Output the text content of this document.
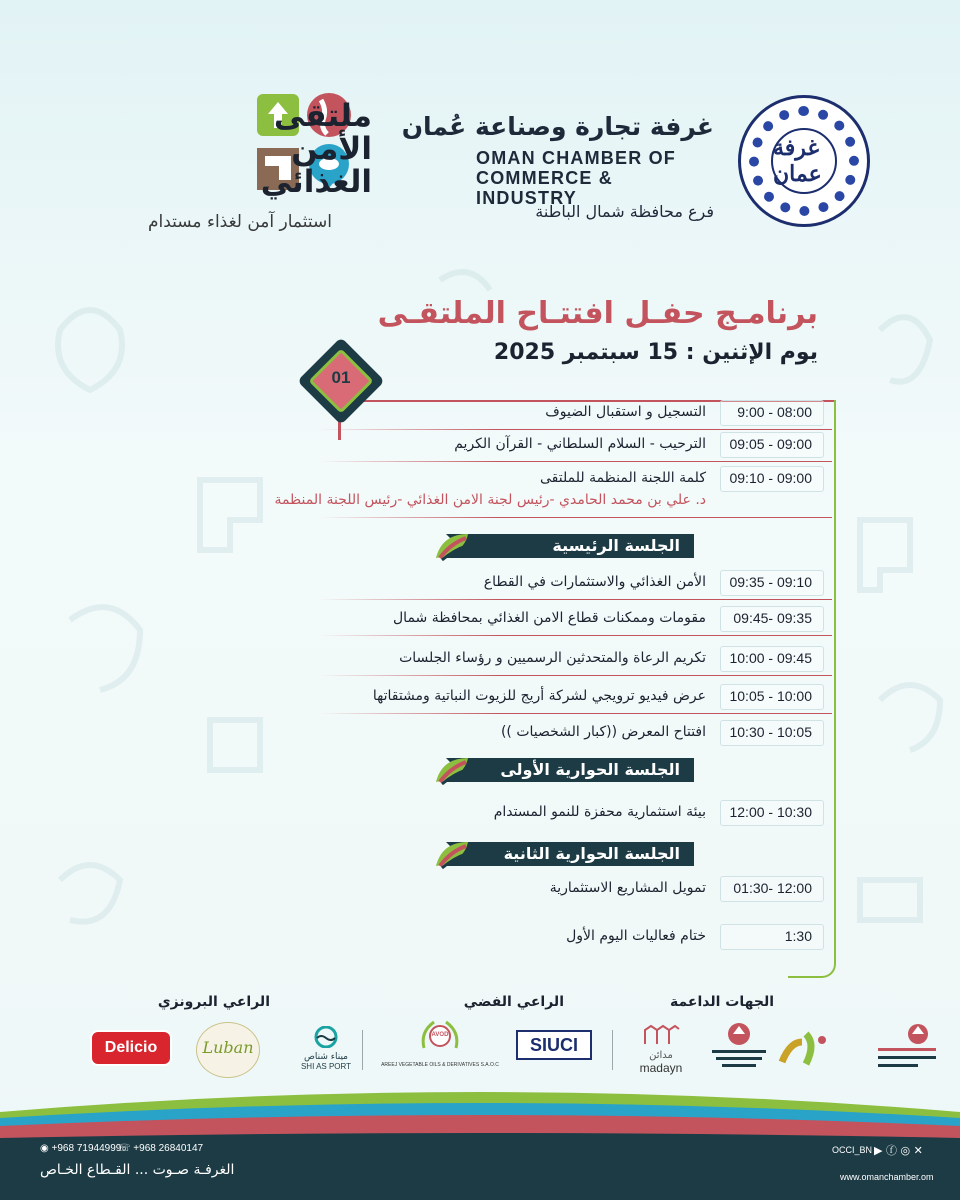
غرفة عمان
غرفة تجارة وصناعة عُمان
OMAN CHAMBER OF
COMMERCE & INDUSTRY
فرع محافظة شمال الباطنة
ملتقى
الأمن
الغذائي
استثمار آمن لغذاء مستدام
برنامـج حفـل افتتـاح الملتقـى
يوم الإثنين : 15 سبتمبر 2025
01
التسجيل و استقبال الضيوف	9:00 - 08:00
الترحيب - السلام السلطاني - القرآن الكريم	09:05 - 09:00
كلمة اللجنة المنظمة للملتقى	09:10 - 09:00
د. علي بن محمد الحامدي -رئيس لجنة الامن الغذائي -رئيس اللجنة المنظمة
الجلسة الرئيسية
الأمن الغذائي والاستثمارات في القطاع	09:35 - 09:10
مقومات وممكنات قطاع الامن الغذائي بمحافظة شمال	09:45- 09:35
تكريم الرعاة والمتحدثين الرسميين و رؤساء الجلسات	10:00 - 09:45
عرض فيديو ترويجي لشركة أريج للزيوت النباتية ومشتقاتها	10:05 - 10:00
افتتاح المعرض ((كبار الشخصيات ))	10:30 - 10:05
الجلسة الحوارية الأولى
بيئة استثمارية محفزة للنمو المستدام	12:00 - 10:30
الجلسة الحوارية الثانية
تمويل المشاريع الاستثمارية	01:30- 12:00
ختام فعاليات اليوم الأول	1:30
الجهات الداعمة
الراعي الفضي
الراعي البرونزي
مدائن
madayn
SIUCI
AVOD
AREEJ VEGETABLE OILS & DERIVATIVES S.A.O.C
ميناء شناص
SHI AS PORT
Luban
Delicio
◉ +968 71944999
☏ +968 26840147
الغرفـة صـوت ... القـطاع الخـاص
OCCI_BN ▶ ⓕ ◎ ✕
www.omanchamber.om
